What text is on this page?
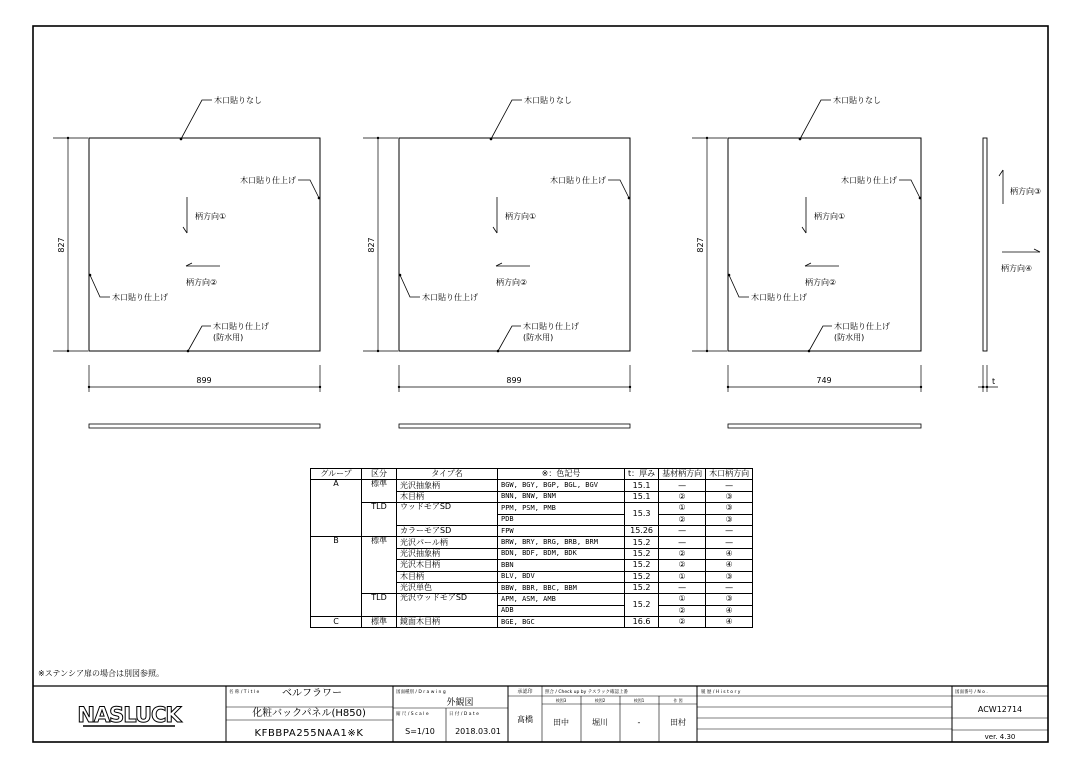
木口貼りなし
木口貼り仕上げ
柄方向①
柄方向②
木口貼り仕上げ
木口貼り仕上げ
(防水用)
827
899
木口貼りなし
木口貼り仕上げ
柄方向①
柄方向②
木口貼り仕上げ
木口貼り仕上げ
(防水用)
827
899
木口貼りなし
木口貼り仕上げ
柄方向①
柄方向②
木口貼り仕上げ
木口貼り仕上げ
(防水用)
827
749
柄方向③
柄方向④
t
※ステンシア扉の場合は別図参照。
NASLUCK
名 称 / T i t l e ベルフラワー
化粧バックパネル(H850)
KFBBPA255NAA1※K
図面種別 / D r a w i n g
外観図
縮 尺 / S c a l e
S=1/10
日 付 / D a t e
2018.03.01
承認印
髙橋
照合 / Check up by テスラック確認上番
検図3	検図2	検図1	作 図
田中	堀川	-	田村
履 歴 / H i s t o r y	図面番号 / N o .
ACW12714
ver. 4.30
グループ	区分	タイプ名	※：色記号	t：厚み	基材柄方向	木口柄方向
A	標準	光沢抽象柄	BGW, BGY, BGP, BGL, BGV	15.1	—	—
		木目柄	BNN, BNW, BNM	15.1	②	③
	TLD	ウッドモアSD	PPM, PSM, PMB	15.3	①	③
			PDB		②	③
		カラーモアSD	FPW	15.26	—	—
B	標準	光沢パール柄	BRW, BRY, BRG, BRB, BRM	15.2	—	—
		光沢抽象柄	BDN, BDF, BDM, BDK	15.2	②	④
		光沢木目柄	BBN	15.2	②	④
		木目柄	BLV, BDV	15.2	①	③
		光沢単色	BBW, BBR, BBC, BBM	15.2	—	—
	TLD	光沢ウッドモアSD	APM, ASM, AMB	15.2	①	③
			ADB		②	④
C	標準	鏡面木目柄	BGE, BGC	16.6	②	④
